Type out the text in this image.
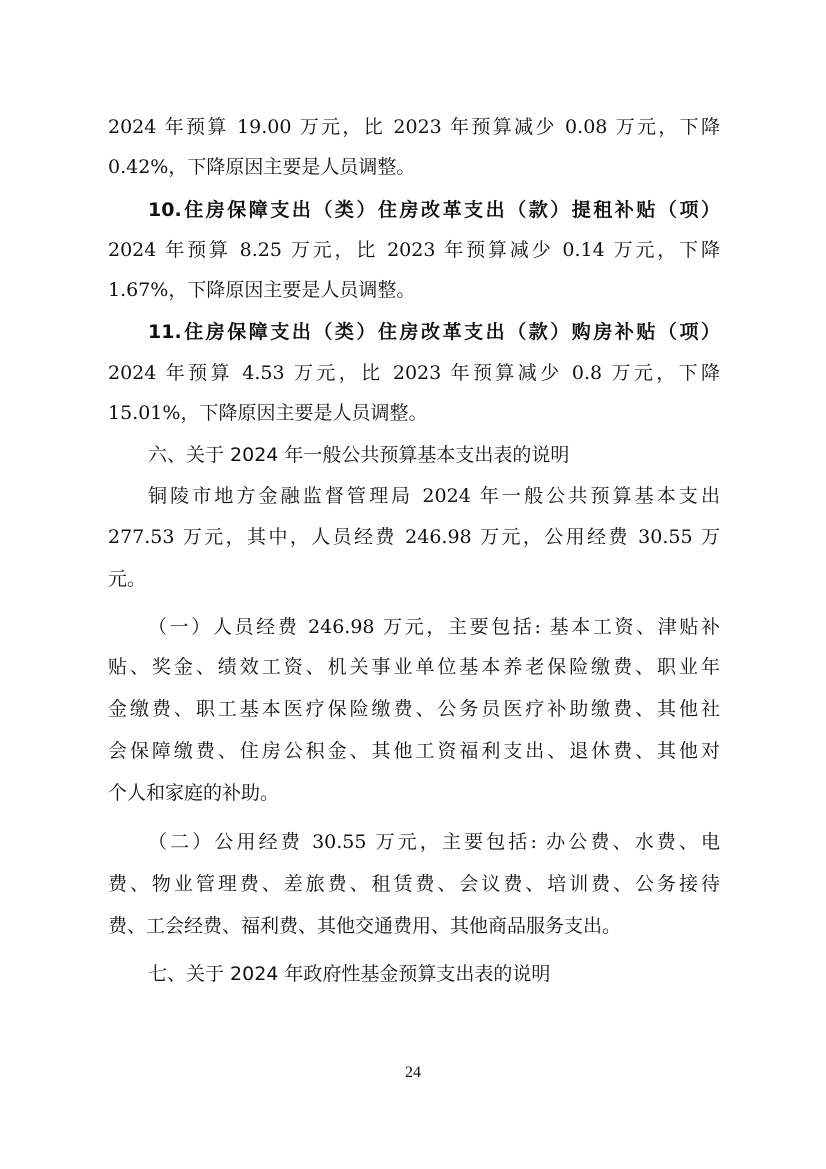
2024 年预算 19.00 万元，比 2023 年预算减少 0.08 万元，下降
0.42%，下降原因主要是人员调整。
10.住房保障支出（类）住房改革支出（款）提租补贴（项）
2024 年预算 8.25 万元，比 2023 年预算减少 0.14 万元，下降
1.67%，下降原因主要是人员调整。
11.住房保障支出（类）住房改革支出（款）购房补贴（项）
2024 年预算 4.53 万元，比 2023 年预算减少 0.8 万元，下降
15.01%，下降原因主要是人员调整。
六、关于 2024 年一般公共预算基本支出表的说明
铜陵市地方金融监督管理局 2024 年一般公共预算基本支出
277.53 万元，其中，人员经费 246.98 万元，公用经费 30.55 万
元。
（一）人员经费 246.98 万元，主要包括: 基本工资、津贴补
贴、奖金、绩效工资、机关事业单位基本养老保险缴费、职业年
金缴费、职工基本医疗保险缴费、公务员医疗补助缴费、其他社
会保障缴费、住房公积金、其他工资福利支出、退休费、其他对
个人和家庭的补助。
（二）公用经费 30.55 万元，主要包括: 办公费、水费、电
费、物业管理费、差旅费、租赁费、会议费、培训费、公务接待
费、工会经费、福利费、其他交通费用、其他商品服务支出。
七、关于 2024 年政府性基金预算支出表的说明
24
